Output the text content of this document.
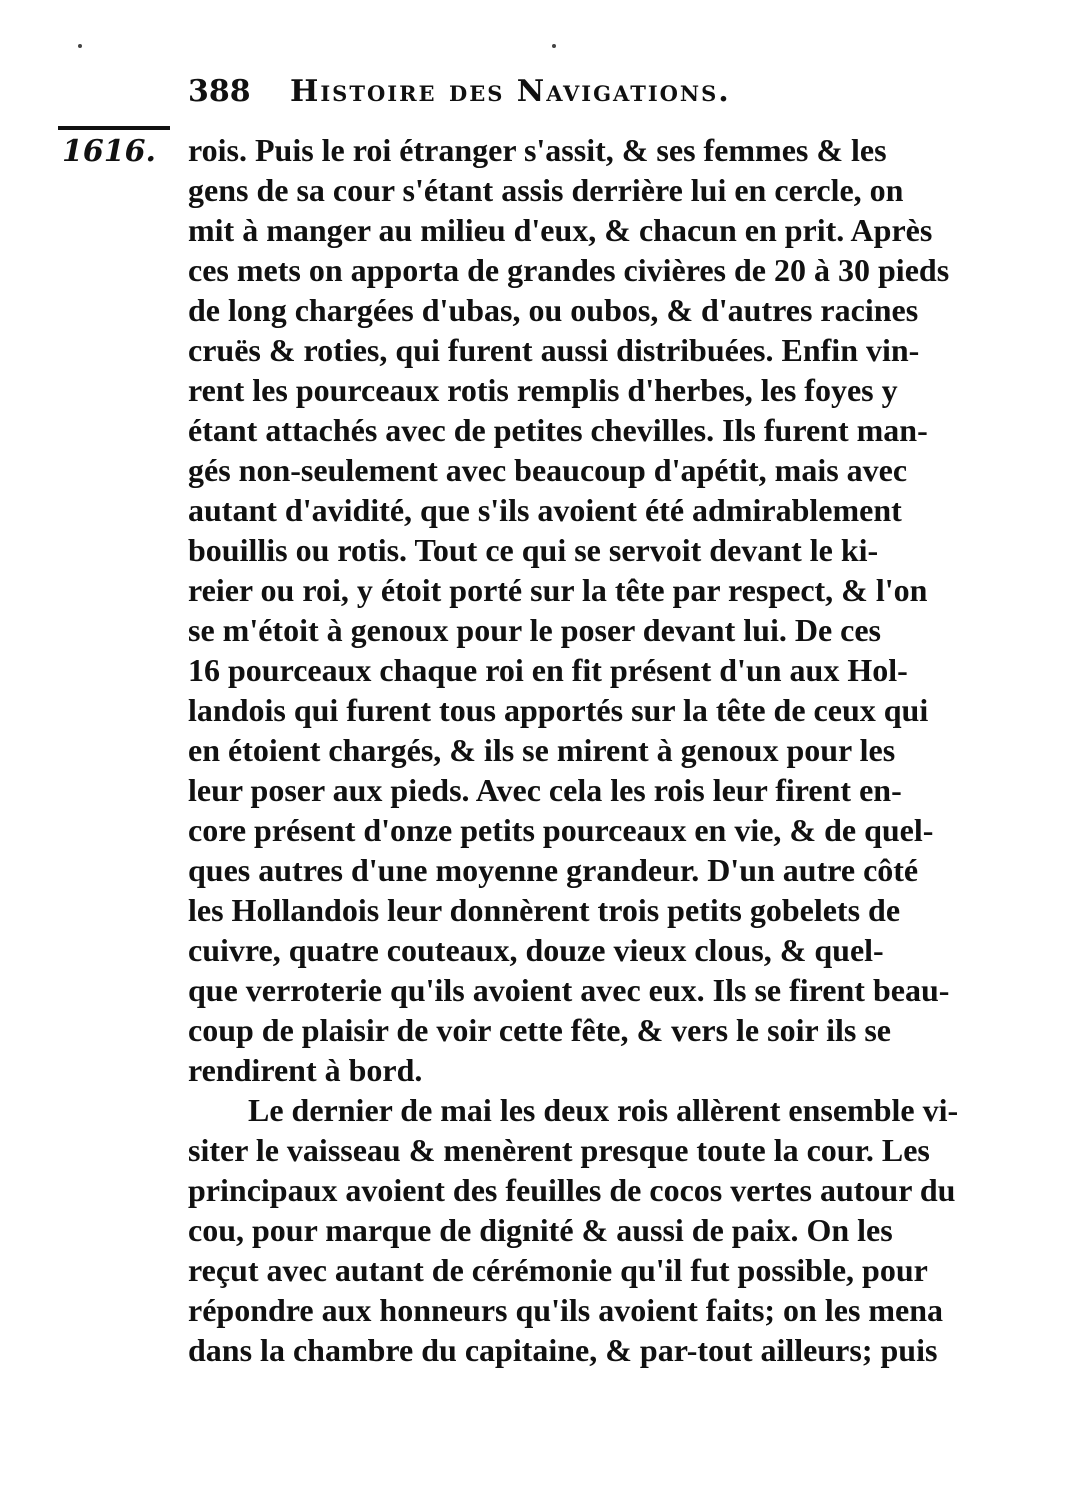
388 Histoire des Navigations.
1616. rois. Puis le roi étranger s'assit, & ses femmes & les
gens de sa cour s'étant assis derrière lui en cercle, on
mit à manger au milieu d'eux, & chacun en prit. Après
ces mets on apporta de grandes civières de 20 à 30 pieds
de long chargées d'ubas, ou oubos, & d'autres racines
cruës & roties, qui furent aussi distribuées. Enfin vin-
rent les pourceaux rotis remplis d'herbes, les foyes y
étant attachés avec de petites chevilles. Ils furent man-
gés non-seulement avec beaucoup d'apétit, mais avec
autant d'avidité, que s'ils avoient été admirablement
bouillis ou rotis. Tout ce qui se servoit devant le ki-
reier ou roi, y étoit porté sur la tête par respect, & l'on
se m'étoit à genoux pour le poser devant lui. De ces
16 pourceaux chaque roi en fit présent d'un aux Hol-
landois qui furent tous apportés sur la tête de ceux qui
en étoient chargés, & ils se mirent à genoux pour les
leur poser aux pieds. Avec cela les rois leur firent en-
core présent d'onze petits pourceaux en vie, & de quel-
ques autres d'une moyenne grandeur. D'un autre côté
les Hollandois leur donnèrent trois petits gobelets de
cuivre, quatre couteaux, douze vieux clous, & quel-
que verroterie qu'ils avoient avec eux. Ils se firent beau-
coup de plaisir de voir cette fête, & vers le soir ils se
rendirent à bord.
Le dernier de mai les deux rois allèrent ensemble vi-
siter le vaisseau & menèrent presque toute la cour. Les
principaux avoient des feuilles de cocos vertes autour du
cou, pour marque de dignité & aussi de paix. On les
reçut avec autant de cérémonie qu'il fut possible, pour
répondre aux honneurs qu'ils avoient faits; on les mena
dans la chambre du capitaine, & par-tout ailleurs; puis
